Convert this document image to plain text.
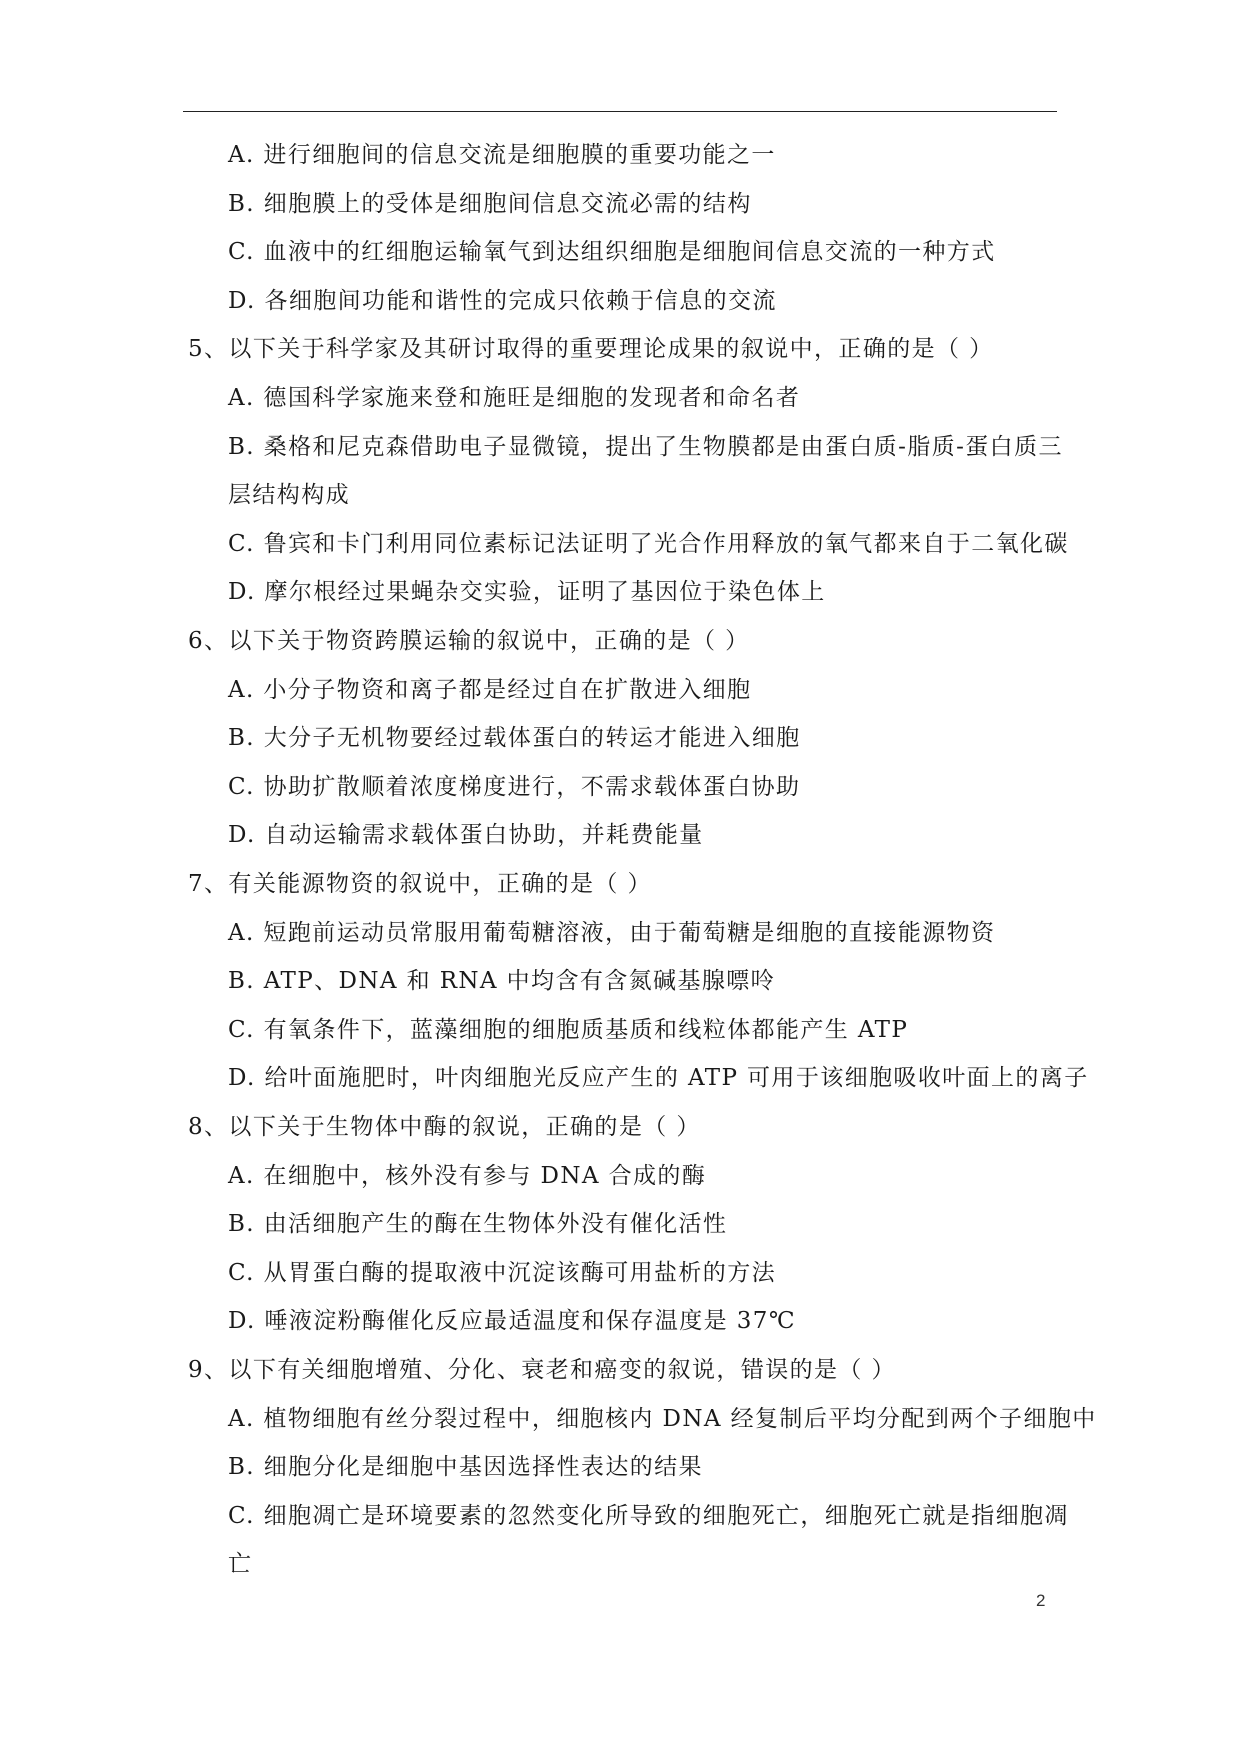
A. 进行细胞间的信息交流是细胞膜的重要功能之一
B. 细胞膜上的受体是细胞间信息交流必需的结构
C. 血液中的红细胞运输氧气到达组织细胞是细胞间信息交流的一种方式
D. 各细胞间功能和谐性的完成只依赖于信息的交流
5、以下关于科学家及其研讨取得的重要理论成果的叙说中，正确的是（ ）
A. 德国科学家施来登和施旺是细胞的发现者和命名者
B. 桑格和尼克森借助电子显微镜，提出了生物膜都是由蛋白质-脂质-蛋白质三
层结构构成
C. 鲁宾和卡门利用同位素标记法证明了光合作用释放的氧气都来自于二氧化碳
D. 摩尔根经过果蝇杂交实验，证明了基因位于染色体上
6、以下关于物资跨膜运输的叙说中，正确的是（ ）
A. 小分子物资和离子都是经过自在扩散进入细胞
B. 大分子无机物要经过载体蛋白的转运才能进入细胞
C. 协助扩散顺着浓度梯度进行，不需求载体蛋白协助
D. 自动运输需求载体蛋白协助，并耗费能量
7、有关能源物资的叙说中，正确的是（ ）
A. 短跑前运动员常服用葡萄糖溶液，由于葡萄糖是细胞的直接能源物资
B. ATP、DNA 和 RNA 中均含有含氮碱基腺嘌呤
C. 有氧条件下，蓝藻细胞的细胞质基质和线粒体都能产生 ATP
D. 给叶面施肥时，叶肉细胞光反应产生的 ATP 可用于该细胞吸收叶面上的离子
8、以下关于生物体中酶的叙说，正确的是（ ）
A. 在细胞中，核外没有参与 DNA 合成的酶
B. 由活细胞产生的酶在生物体外没有催化活性
C. 从胃蛋白酶的提取液中沉淀该酶可用盐析的方法
D. 唾液淀粉酶催化反应最适温度和保存温度是 37℃
9、以下有关细胞增殖、分化、衰老和癌变的叙说，错误的是（ ）
A. 植物细胞有丝分裂过程中，细胞核内 DNA 经复制后平均分配到两个子细胞中
B. 细胞分化是细胞中基因选择性表达的结果
C. 细胞凋亡是环境要素的忽然变化所导致的细胞死亡，细胞死亡就是指细胞凋
亡
2
